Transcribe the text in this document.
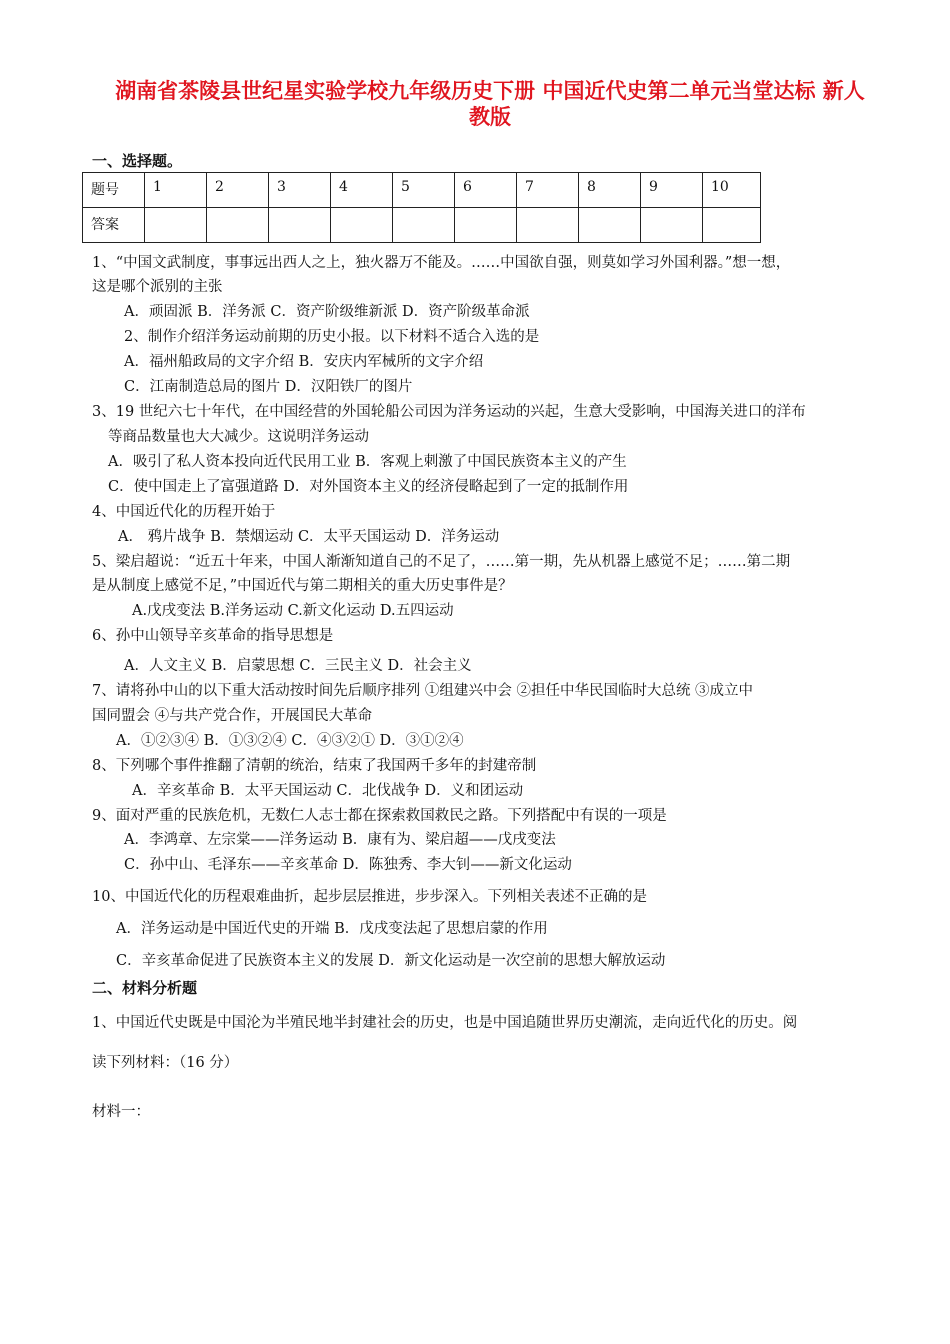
湖南省茶陵县世纪星实验学校九年级历史下册 中国近代史第二单元当堂达标 新人
教版
一、选择题。
题号	1	2	3	4	5	6	7	8	9	10
答案										
1、“中国文武制度，事事远出西人之上，独火器万不能及。……中国欲自强，则莫如学习外国利器。”想一想，
这是哪个派别的主张
A．顽固派 B．洋务派 C．资产阶级维新派 D．资产阶级革命派
2、制作介绍洋务运动前期的历史小报。以下材料不适合入选的是
A．福州船政局的文字介绍 B．安庆内军械所的文字介绍
C．江南制造总局的图片 D．汉阳铁厂的图片
3、19 世纪六七十年代，在中国经营的外国轮船公司因为洋务运动的兴起，生意大受影响，中国海关进口的洋布
等商品数量也大大减少。这说明洋务运动
A．吸引了私人资本投向近代民用工业 B．客观上刺激了中国民族资本主义的产生
C．使中国走上了富强道路 D．对外国资本主义的经济侵略起到了一定的抵制作用
4、中国近代化的历程开始于
A． 鸦片战争 B．禁烟运动 C．太平天国运动 D．洋务运动
5、梁启超说：“近五十年来，中国人渐渐知道自己的不足了，……第一期，先从机器上感觉不足；……第二期
是从制度上感觉不足，”中国近代与第二期相关的重大历史事件是？
A.戊戌变法 B.洋务运动 C.新文化运动 D.五四运动
6、孙中山领导辛亥革命的指导思想是
A．人文主义 B．启蒙思想 C．三民主义 D．社会主义
7、请将孙中山的以下重大活动按时间先后顺序排列 ①组建兴中会 ②担任中华民国临时大总统 ③成立中
国同盟会 ④与共产党合作，开展国民大革命
A．①②③④ B．①③②④ C．④③②① D．③①②④
8、下列哪个事件推翻了清朝的统治，结束了我国两千多年的封建帝制
A．辛亥革命 B．太平天国运动 C．北伐战争 D．义和团运动
9、面对严重的民族危机，无数仁人志士都在探索救国救民之路。下列搭配中有误的一项是
A．李鸿章、左宗棠——洋务运动 B．康有为、梁启超——戊戌变法
C．孙中山、毛泽东——辛亥革命 D．陈独秀、李大钊——新文化运动
10、中国近代化的历程艰难曲折，起步层层推进，步步深入。下列相关表述不正确的是
A．洋务运动是中国近代史的开端 B．戊戌变法起了思想启蒙的作用
C．辛亥革命促进了民族资本主义的发展 D．新文化运动是一次空前的思想大解放运动
二、材料分析题
1、中国近代史既是中国沦为半殖民地半封建社会的历史，也是中国追随世界历史潮流，走向近代化的历史。阅
读下列材料：（16 分）
材料一：
